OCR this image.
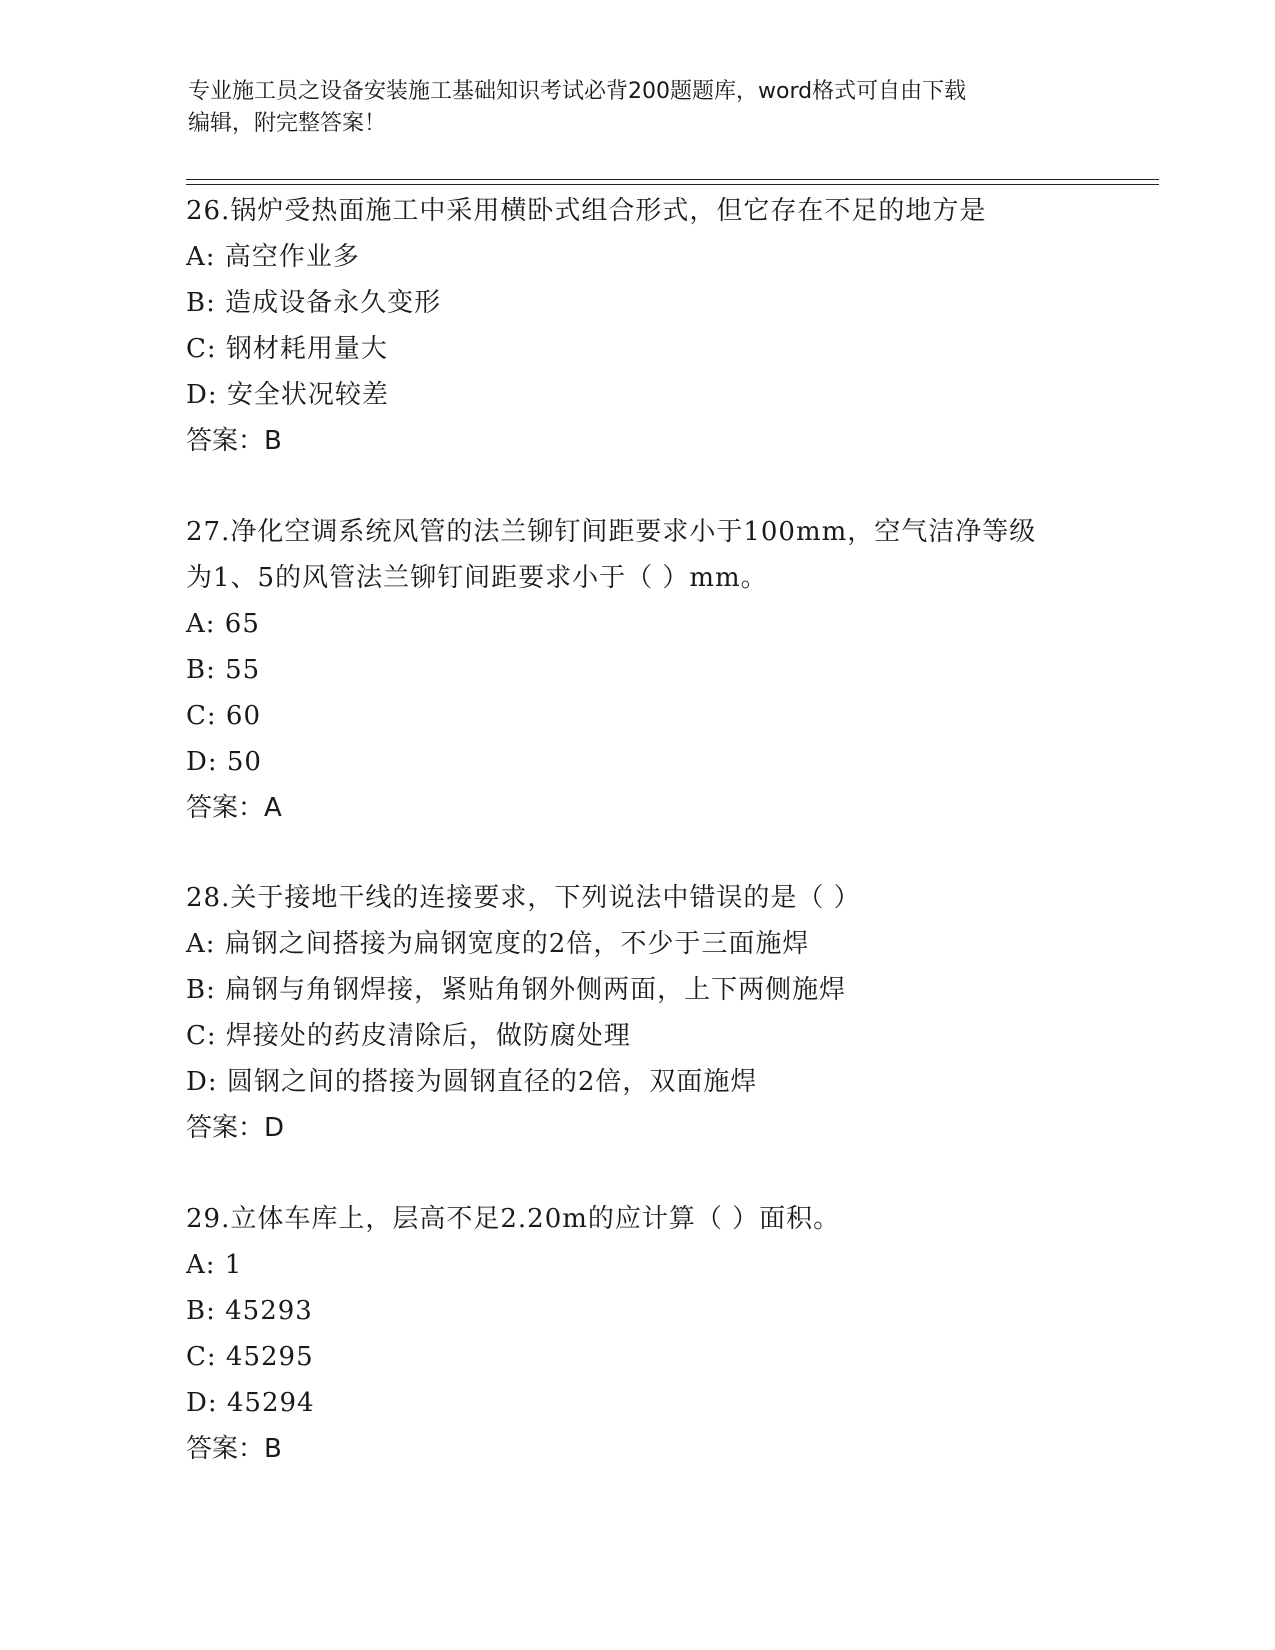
专业施工员之设备安装施工基础知识考试必背200题题库，word格式可自由下载
编辑，附完整答案！
26.锅炉受热面施工中采用横卧式组合形式，但它存在不足的地方是
A: 高空作业多
B: 造成设备永久变形
C: 钢材耗用量大
D: 安全状况较差
答案：B
27.净化空调系统风管的法兰铆钉间距要求小于100mm，空气洁净等级
为1、5的风管法兰铆钉间距要求小于（ ）mm。
A: 65
B: 55
C: 60
D: 50
答案：A
28.关于接地干线的连接要求，下列说法中错误的是（ ）
A: 扁钢之间搭接为扁钢宽度的2倍，不少于三面施焊
B: 扁钢与角钢焊接，紧贴角钢外侧两面，上下两侧施焊
C: 焊接处的药皮清除后，做防腐处理
D: 圆钢之间的搭接为圆钢直径的2倍，双面施焊
答案：D
29.立体车库上，层高不足2.20m的应计算（ ）面积。
A: 1
B: 45293
C: 45295
D: 45294
答案：B
